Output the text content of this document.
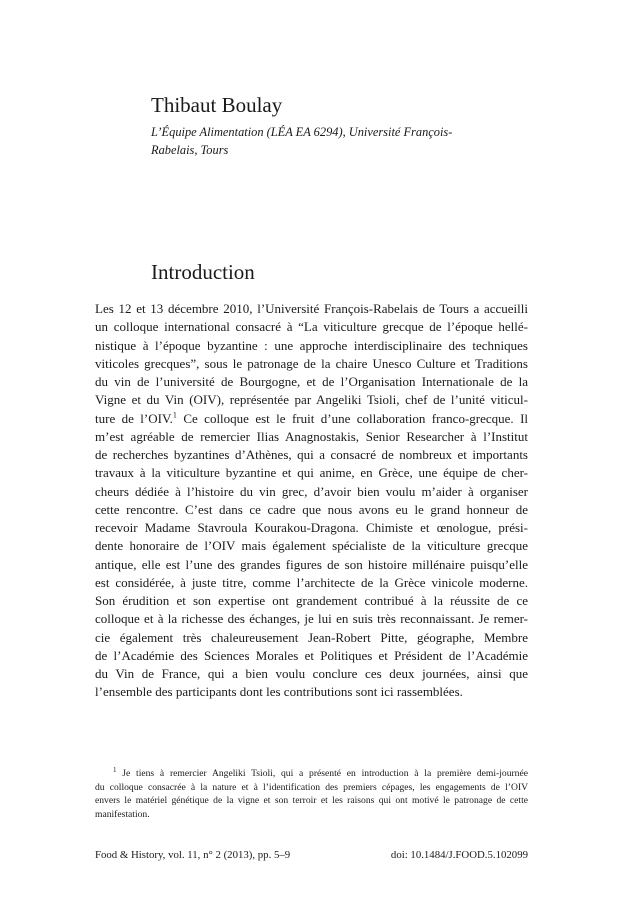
Thibaut Boulay
L’Équipe Alimentation (LÉA EA 6294), Université François-
Rabelais, Tours
Introduction
Les 12 et 13 décembre 2010, l’Université François-Rabelais de Tours a accueilli
un colloque international consacré à “La viticulture grecque de l’époque hellé-
nistique à l’époque byzantine : une approche interdisciplinaire des techniques
viticoles grecques”, sous le patronage de la chaire Unesco Culture et Traditions
du vin de l’université de Bourgogne, et de l’Organisation Internationale de la
Vigne et du Vin (OIV), représentée par Angeliki Tsioli, chef de l’unité viticul-
ture de l’OIV.$^1$ Ce colloque est le fruit d’une collaboration franco-grecque. Il
m’est agréable de remercier Ilias Anagnostakis, Senior Researcher à l’Institut
de recherches byzantines d’Athènes, qui a consacré de nombreux et importants
travaux à la viticulture byzantine et qui anime, en Grèce, une équipe de cher-
cheurs dédiée à l’histoire du vin grec, d’avoir bien voulu m’aider à organiser
cette rencontre. C’est dans ce cadre que nous avons eu le grand honneur de
recevoir Madame Stavroula Kourakou-Dragona. Chimiste et œnologue, prési-
dente honoraire de l’OIV mais également spécialiste de la viticulture grecque
antique, elle est l’une des grandes figures de son histoire millénaire puisqu’elle
est considérée, à juste titre, comme l’architecte de la Grèce vinicole moderne.
Son érudition et son expertise ont grandement contribué à la réussite de ce
colloque et à la richesse des échanges, je lui en suis très reconnaissant. Je remer-
cie également très chaleureusement Jean-Robert Pitte, géographe, Membre
de l’Académie des Sciences Morales et Politiques et Président de l’Académie
du Vin de France, qui a bien voulu conclure ces deux journées, ainsi que
l’ensemble des participants dont les contributions sont ici rassemblées.
$^1$ Je tiens à remercier Angeliki Tsioli, qui a présenté en introduction à la première demi-journée
du colloque consacrée à la nature et à l’identification des premiers cépages, les engagements de l’OIV
envers le matériel génétique de la vigne et son terroir et les raisons qui ont motivé le patronage de cette
manifestation.
Food & History, vol. 11, n° 2 (2013), pp. 5–9	doi: 10.1484/J.FOOD.5.102099
